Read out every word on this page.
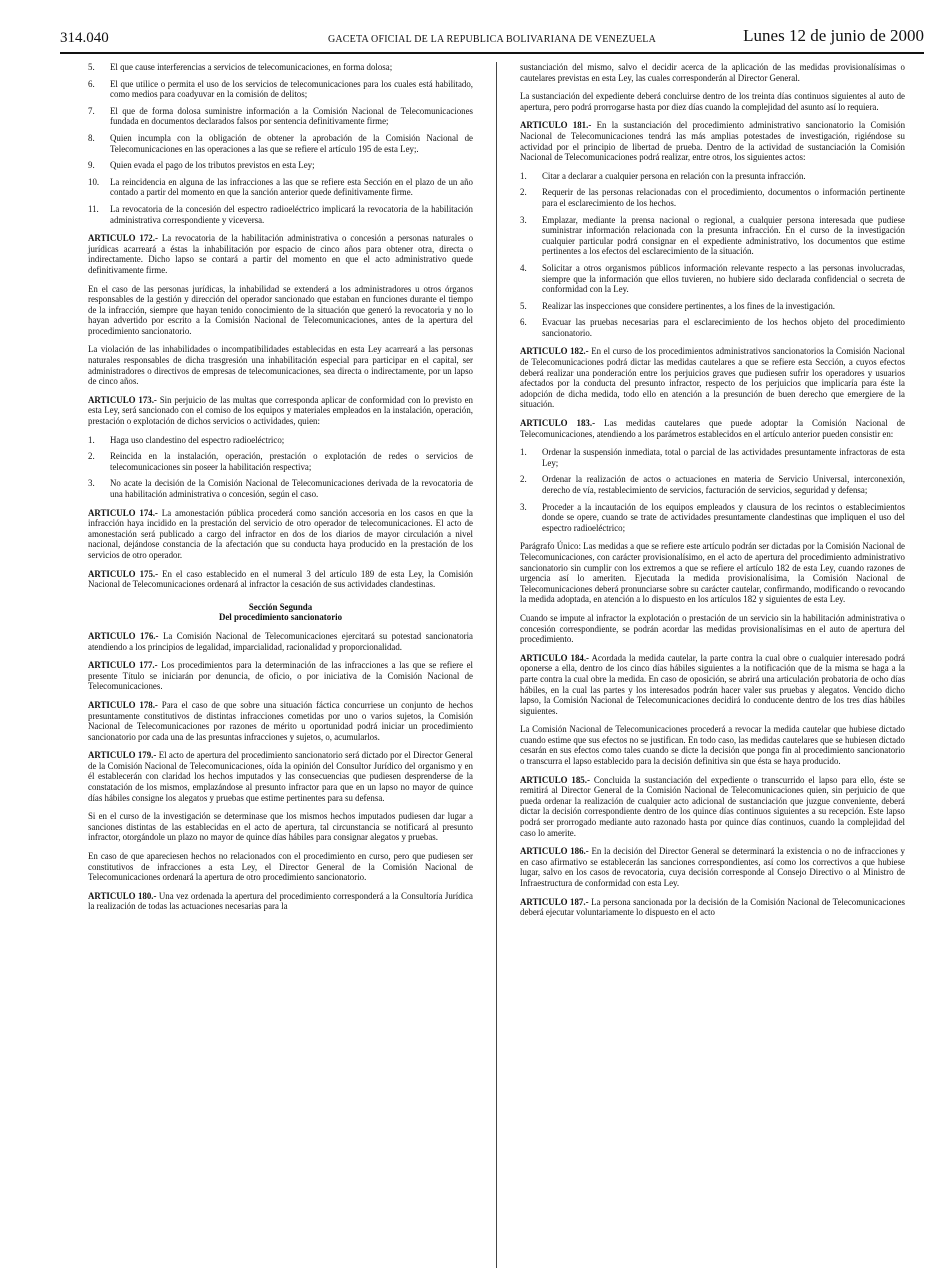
314.040	GACETA OFICIAL DE LA REPUBLICA BOLIVARIANA DE VENEZUELA	Lunes 12 de junio de 2000
5. El que cause interferencias a servicios de telecomunicaciones, en forma dolosa;
6. El que utilice o permita el uso de los servicios de telecomunicaciones para los cuales está habilitado, como medios para coadyuvar en la comisión de delitos;
7. El que de forma dolosa suministre información a la Comisión Nacional de Telecomunicaciones fundada en documentos declarados falsos por sentencia definitivamente firme;
8. Quien incumpla con la obligación de obtener la aprobación de la Comisión Nacional de Telecomunicaciones en las operaciones a las que se refiere el artículo 195 de esta Ley;.
9. Quien evada el pago de los tributos previstos en esta Ley;
10. La reincidencia en alguna de las infracciones a las que se refiere esta Sección en el plazo de un año contado a partir del momento en que la sanción anterior quede definitivamente firme.
11. La revocatoria de la concesión del espectro radioeléctrico implicará la revocatoria de la habilitación administrativa correspondiente y viceversa.

ARTICULO 172.- La revocatoria de la habilitación administrativa o concesión a personas naturales o jurídicas acarreará a éstas la inhabilitación por espacio de cinco años para obtener otra, directa o indirectamente. Dicho lapso se contará a partir del momento en que el acto administrativo quede definitivamente firme.

En el caso de las personas jurídicas, la inhabilidad se extenderá a los administradores u otros órganos responsables de la gestión y dirección del operador sancionado que estaban en funciones durante el tiempo de la infracción, siempre que hayan tenido conocimiento de la situación que generó la revocatoria y no lo hayan advertido por escrito a la Comisión Nacional de Telecomunicaciones, antes de la apertura del procedimiento sancionatorio.

La violación de las inhabilidades o incompatibilidades establecidas en esta Ley acarreará a las personas naturales responsables de dicha trasgresión una inhabilitación especial para participar en el capital, ser administradores o directivos de empresas de telecomunicaciones, sea directa o indirectamente, por un lapso de cinco años.

ARTICULO 173.- Sin perjuicio de las multas que corresponda aplicar de conformidad con lo previsto en esta Ley, será sancionado con el comiso de los equipos y materiales empleados en la instalación, operación, prestación o explotación de dichos servicios o actividades, quien:

1. Haga uso clandestino del espectro radioeléctrico;
2. Reincida en la instalación, operación, prestación o explotación de redes o servicios de telecomunicaciones sin poseer la habilitación respectiva;
3. No acate la decisión de la Comisión Nacional de Telecomunicaciones derivada de la revocatoria de una habilitación administrativa o concesión, según el caso.

ARTICULO 174.- La amonestación pública procederá como sanción accesoria en los casos en que la infracción haya incidido en la prestación del servicio de otro operador de telecomunicaciones. El acto de amonestación será publicado a cargo del infractor en dos de los diarios de mayor circulación a nivel nacional, dejándose constancia de la afectación que su conducta haya producido en la prestación de los servicios de otro operador.

ARTICULO 175.- En el caso establecido en el numeral 3 del artículo 189 de esta Ley, la Comisión Nacional de Telecomunicaciones ordenará al infractor la cesación de sus actividades clandestinas.

Sección Segunda
Del procedimiento sancionatorio

ARTICULO 176.- La Comisión Nacional de Telecomunicaciones ejercitará su potestad sancionatoria atendiendo a los principios de legalidad, imparcialidad, racionalidad y proporcionalidad.

ARTICULO 177.- Los procedimientos para la determinación de las infracciones a las que se refiere el presente Título se iniciarán por denuncia, de oficio, o por iniciativa de la Comisión Nacional de Telecomunicaciones.

ARTICULO 178.- Para el caso de que sobre una situación fáctica concurriese un conjunto de hechos presuntamente constitutivos de distintas infracciones cometidas por uno o varios sujetos, la Comisión Nacional de Telecomunicaciones por razones de mérito u oportunidad podrá iniciar un procedimiento sancionatorio por cada una de las presuntas infracciones y sujetos, o, acumularlos.

ARTICULO 179.- El acto de apertura del procedimiento sancionatorio será dictado por el Director General de la Comisión Nacional de Telecomunicaciones, oída la opinión del Consultor Jurídico del organismo y en él establecerán con claridad los hechos imputados y las consecuencias que pudiesen desprenderse de la constatación de los mismos, emplazándose al presunto infractor para que en un lapso no mayor de quince días hábiles consigne los alegatos y pruebas que estime pertinentes para su defensa.

Si en el curso de la investigación se determinase que los mismos hechos imputados pudiesen dar lugar a sanciones distintas de las establecidas en el acto de apertura, tal circunstancia se notificará al presunto infractor, otorgándole un plazo no mayor de quince días hábiles para consignar alegatos y pruebas.

En caso de que apareciesen hechos no relacionados con el procedimiento en curso, pero que pudiesen ser constitutivos de infracciones a esta Ley, el Director General de la Comisión Nacional de Telecomunicaciones ordenará la apertura de otro procedimiento sancionatorio.

ARTICULO 180.- Una vez ordenada la apertura del procedimiento corresponderá a la Consultoría Jurídica la realización de todas las actuaciones necesarias para la

sustanciación del mismo, salvo el decidir acerca de la aplicación de las medidas provisionalísimas o cautelares previstas en esta Ley, las cuales corresponderán al Director General.

La sustanciación del expediente deberá concluirse dentro de los treinta días continuos siguientes al auto de apertura, pero podrá prorrogarse hasta por diez días cuando la complejidad del asunto así lo requiera.

ARTICULO 181.- En la sustanciación del procedimiento administrativo sancionatorio la Comisión Nacional de Telecomunicaciones tendrá las más amplias potestades de investigación, rigiéndose su actividad por el principio de libertad de prueba. Dentro de la actividad de sustanciación la Comisión Nacional de Telecomunicaciones podrá realizar, entre otros, los siguientes actos:

1. Citar a declarar a cualquier persona en relación con la presunta infracción.
2. Requerir de las personas relacionadas con el procedimiento, documentos o información pertinente para el esclarecimiento de los hechos.
3. Emplazar, mediante la prensa nacional o regional, a cualquier persona interesada que pudiese suministrar información relacionada con la presunta infracción. En el curso de la investigación cualquier particular podrá consignar en el expediente administrativo, los documentos que estime pertinentes a los efectos del esclarecimiento de la situación.
4. Solicitar a otros organismos públicos información relevante respecto a las personas involucradas, siempre que la información que ellos tuvieren, no hubiere sido declarada confidencial o secreta de conformidad con la Ley.
5. Realizar las inspecciones que considere pertinentes, a los fines de la investigación.
6. Evacuar las pruebas necesarias para el esclarecimiento de los hechos objeto del procedimiento sancionatorio.

ARTICULO 182.- En el curso de los procedimientos administrativos sancionatorios la Comisión Nacional de Telecomunicaciones podrá dictar las medidas cautelares a que se refiere esta Sección, a cuyos efectos deberá realizar una ponderación entre los perjuicios graves que pudiesen sufrir los operadores y usuarios afectados por la conducta del presunto infractor, respecto de los perjuicios que implicaría para éste la adopción de dicha medida, todo ello en atención a la presunción de buen derecho que emergiere de la situación.

ARTICULO 183.- Las medidas cautelares que puede adoptar la Comisión Nacional de Telecomunicaciones, atendiendo a los parámetros establecidos en el artículo anterior pueden consistir en:

1. Ordenar la suspensión inmediata, total o parcial de las actividades presuntamente infractoras de esta Ley;
2. Ordenar la realización de actos o actuaciones en materia de Servicio Universal, interconexión, derecho de vía, restablecimiento de servicios, facturación de servicios, seguridad y defensa;
3. Proceder a la incautación de los equipos empleados y clausura de los recintos o establecimientos donde se opere, cuando se trate de actividades presuntamente clandestinas que impliquen el uso del espectro radioeléctrico;

Parágrafo Único: Las medidas a que se refiere este artículo podrán ser dictadas por la Comisión Nacional de Telecomunicaciones, con carácter provisionalísimo, en el acto de apertura del procedimiento administrativo sancionatorio sin cumplir con los extremos a que se refiere el artículo 182 de esta Ley, cuando razones de urgencia así lo ameriten. Ejecutada la medida provisionalísima, la Comisión Nacional de Telecomunicaciones deberá pronunciarse sobre su carácter cautelar, confirmando, modificando o revocando la medida adoptada, en atención a lo dispuesto en los artículos 182 y siguientes de esta Ley.

Cuando se impute al infractor la explotación o prestación de un servicio sin la habilitación administrativa o concesión correspondiente, se podrán acordar las medidas provisionalísimas en el auto de apertura del procedimiento.

ARTICULO 184.- Acordada la medida cautelar, la parte contra la cual obre o cualquier interesado podrá oponerse a ella, dentro de los cinco días hábiles siguientes a la notificación que de la misma se haga a la parte contra la cual obre la medida. En caso de oposición, se abrirá una articulación probatoria de ocho días hábiles, en la cual las partes y los interesados podrán hacer valer sus pruebas y alegatos. Vencido dicho lapso, la Comisión Nacional de Telecomunicaciones decidirá lo conducente dentro de los tres días hábiles siguientes.

La Comisión Nacional de Telecomunicaciones procederá a revocar la medida cautelar que hubiese dictado cuando estime que sus efectos no se justifican. En todo caso, las medidas cautelares que se hubiesen dictado cesarán en sus efectos como tales cuando se dicte la decisión que ponga fin al procedimiento sancionatorio o transcurra el lapso establecido para la decisión definitiva sin que ésta se haya producido.

ARTICULO 185.- Concluida la sustanciación del expediente o transcurrido el lapso para ello, éste se remitirá al Director General de la Comisión Nacional de Telecomunicaciones quien, sin perjuicio de que pueda ordenar la realización de cualquier acto adicional de sustanciación que juzgue conveniente, deberá dictar la decisión correspondiente dentro de los quince días continuos siguientes a su recepción. Este lapso podrá ser prorrogado mediante auto razonado hasta por quince días continuos, cuando la complejidad del caso lo amerite.

ARTICULO 186.- En la decisión del Director General se determinará la existencia o no de infracciones y en caso afirmativo se establecerán las sanciones correspondientes, así como los correctivos a que hubiese lugar, salvo en los casos de revocatoria, cuya decisión corresponde al Consejo Directivo o al Ministro de Infraestructura de conformidad con esta Ley.

ARTICULO 187.- La persona sancionada por la decisión de la Comisión Nacional de Telecomunicaciones deberá ejecutar voluntariamente lo dispuesto en el acto
